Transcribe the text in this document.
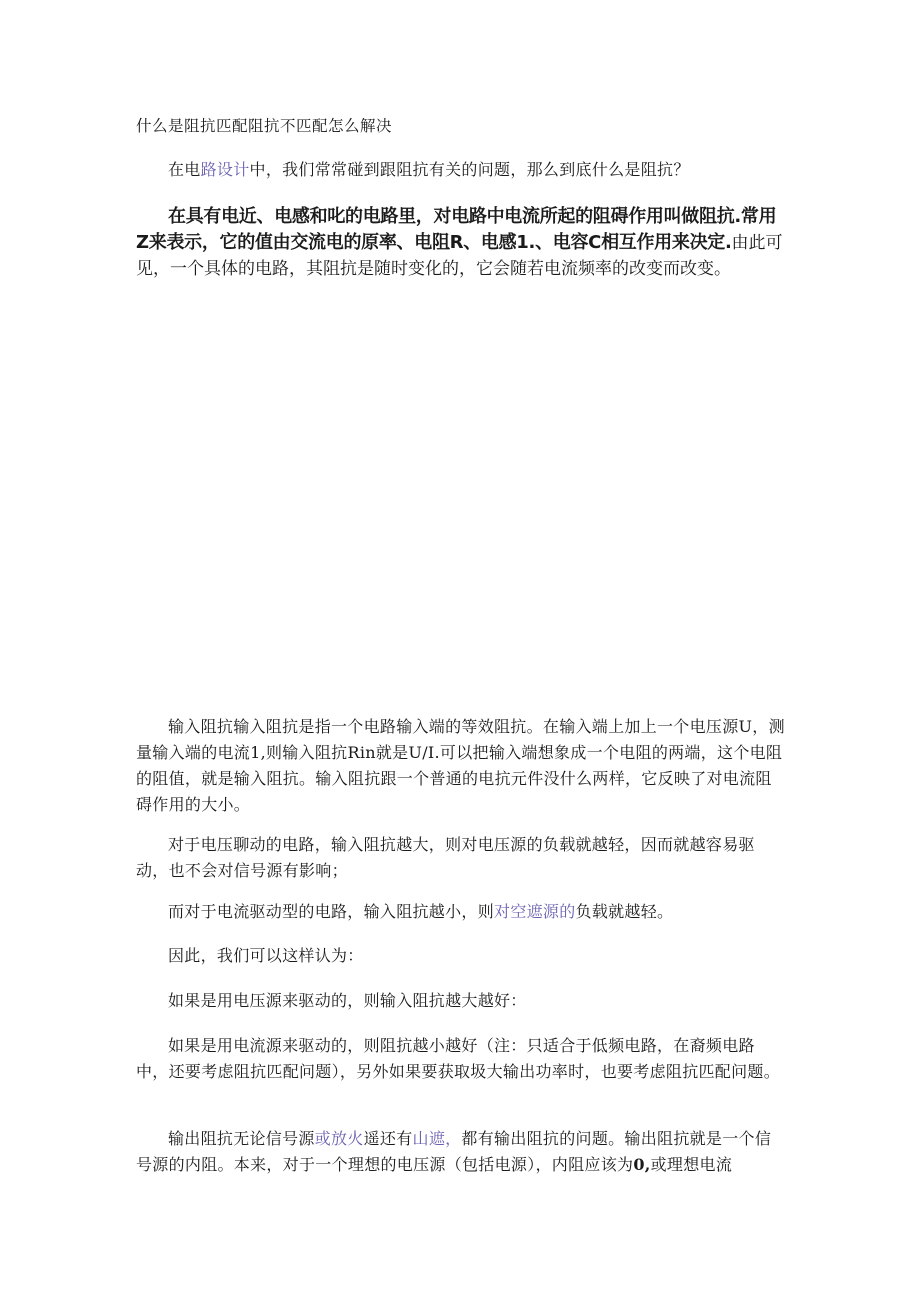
什么是阻抗匹配阻抗不匹配怎么解决

在电路设计中，我们常常碰到跟阻抗有关的问题，那么到底什么是阻抗？

在具有电近、电感和叱的电路里，对电路中电流所起的阻碍作用叫做阻抗.常用Z来表示，它的值由交流电的原率、电阻R、电感1.、电容C相互作用来决定.由此可见，一个具体的电路，其阻抗是随时变化的，它会随若电流频率的改变而改变。

输入阻抗输入阻抗是指一个电路输入端的等效阻抗。在输入端上加上一个电压源U，测量输入端的电流1,则输入阻抗Rin就是U/I.可以把输入端想象成一个电阻的两端，这个电阻的阻值，就是输入阻抗。输入阻抗跟一个普通的电抗元件没什么两样，它反映了对电流阻碍作用的大小。

对于电压聊动的电路，输入阻抗越大，则对电压源的负载就越轻，因而就越容易驱动，也不会对信号源有影响；

而对于电流驱动型的电路，输入阻抗越小，则对空遮源的负载就越轻。

因此，我们可以这样认为：

如果是用电压源来驱动的，则输入阻抗越大越好：

如果是用电流源来驱动的，则阻抗越小越好（注：只适合于低频电路，在裔频电路中，还要考虑阻抗匹配问题），另外如果要获取圾大输出功率时，也要考虑阻抗匹配问题。

输出阻抗无论信号源或放火遥还有山遮，都有输出阻抗的问题。输出阻抗就是一个信号源的内阻。本来，对于一个理想的电压源（包括电源），内阻应该为0,或理想电流
